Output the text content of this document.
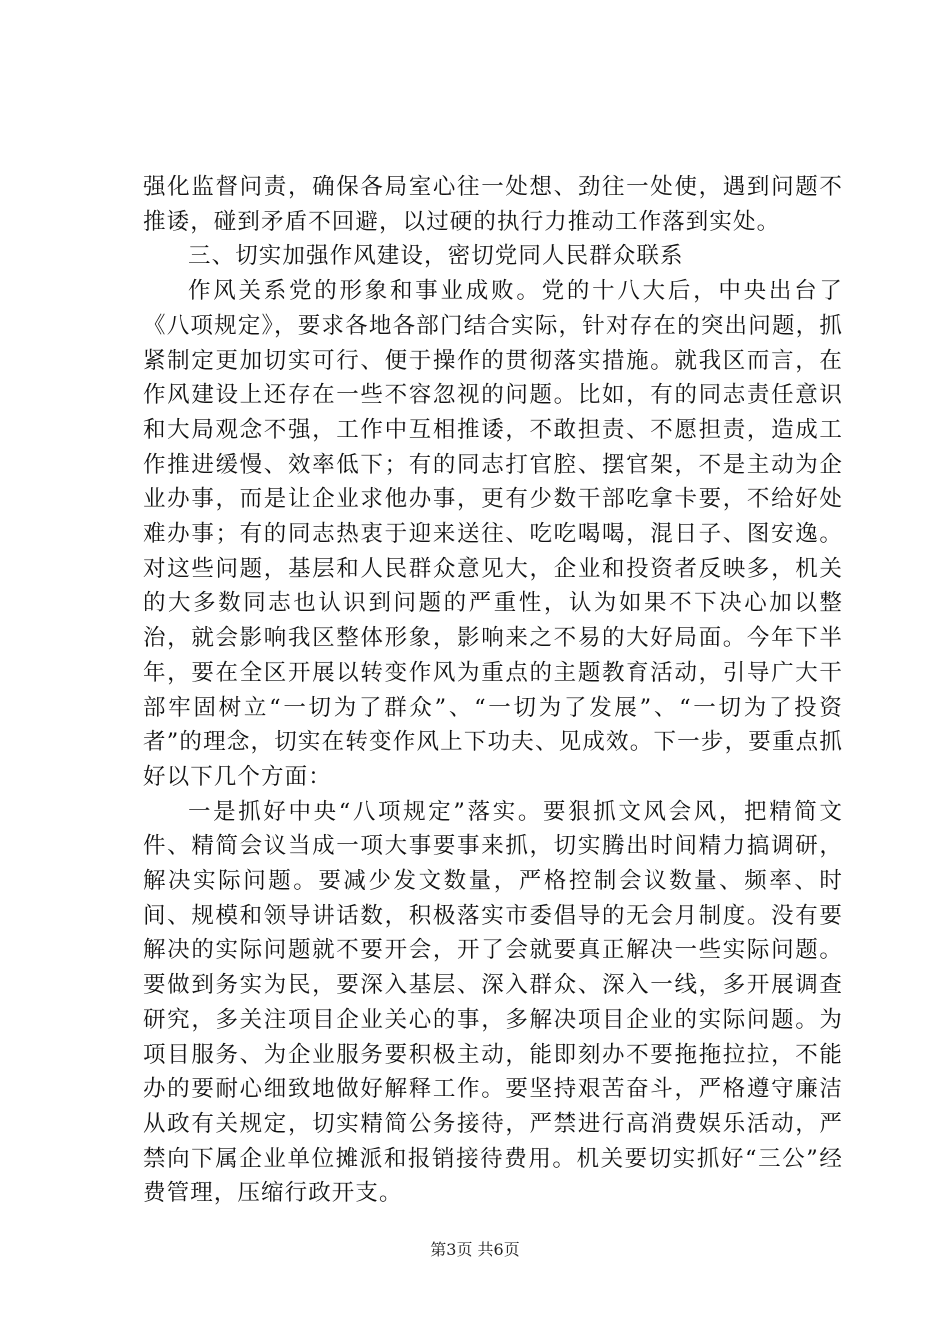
强化监督问责，确保各局室心往一处想、劲往一处使，遇到问题不推诿，碰到矛盾不回避，以过硬的执行力推动工作落到实处。

三、切实加强作风建设，密切党同人民群众联系

作风关系党的形象和事业成败。党的十八大后，中央出台了《八项规定》，要求各地各部门结合实际，针对存在的突出问题，抓紧制定更加切实可行、便于操作的贯彻落实措施。就我区而言，在作风建设上还存在一些不容忽视的问题。比如，有的同志责任意识和大局观念不强，工作中互相推诿，不敢担责、不愿担责，造成工作推进缓慢、效率低下；有的同志打官腔、摆官架，不是主动为企业办事，而是让企业求他办事，更有少数干部吃拿卡要，不给好处难办事；有的同志热衷于迎来送往、吃吃喝喝，混日子、图安逸。对这些问题，基层和人民群众意见大，企业和投资者反映多，机关的大多数同志也认识到问题的严重性，认为如果不下决心加以整治，就会影响我区整体形象，影响来之不易的大好局面。今年下半年，要在全区开展以转变作风为重点的主题教育活动，引导广大干部牢固树立“一切为了群众”、“一切为了发展”、“一切为了投资者”的理念，切实在转变作风上下功夫、见成效。下一步，要重点抓好以下几个方面：

一是抓好中央“八项规定”落实。要狠抓文风会风，把精简文件、精简会议当成一项大事要事来抓，切实腾出时间精力搞调研，解决实际问题。要减少发文数量，严格控制会议数量、频率、时间、规模和领导讲话数，积极落实市委倡导的无会月制度。没有要解决的实际问题就不要开会，开了会就要真正解决一些实际问题。要做到务实为民，要深入基层、深入群众、深入一线，多开展调查研究，多关注项目企业关心的事，多解决项目企业的实际问题。为项目服务、为企业服务要积极主动，能即刻办不要拖拖拉拉，不能办的要耐心细致地做好解释工作。要坚持艰苦奋斗，严格遵守廉洁从政有关规定，切实精简公务接待，严禁进行高消费娱乐活动，严禁向下属企业单位摊派和报销接待费用。机关要切实抓好“三公”经费管理，压缩行政开支。

第3页 共6页
